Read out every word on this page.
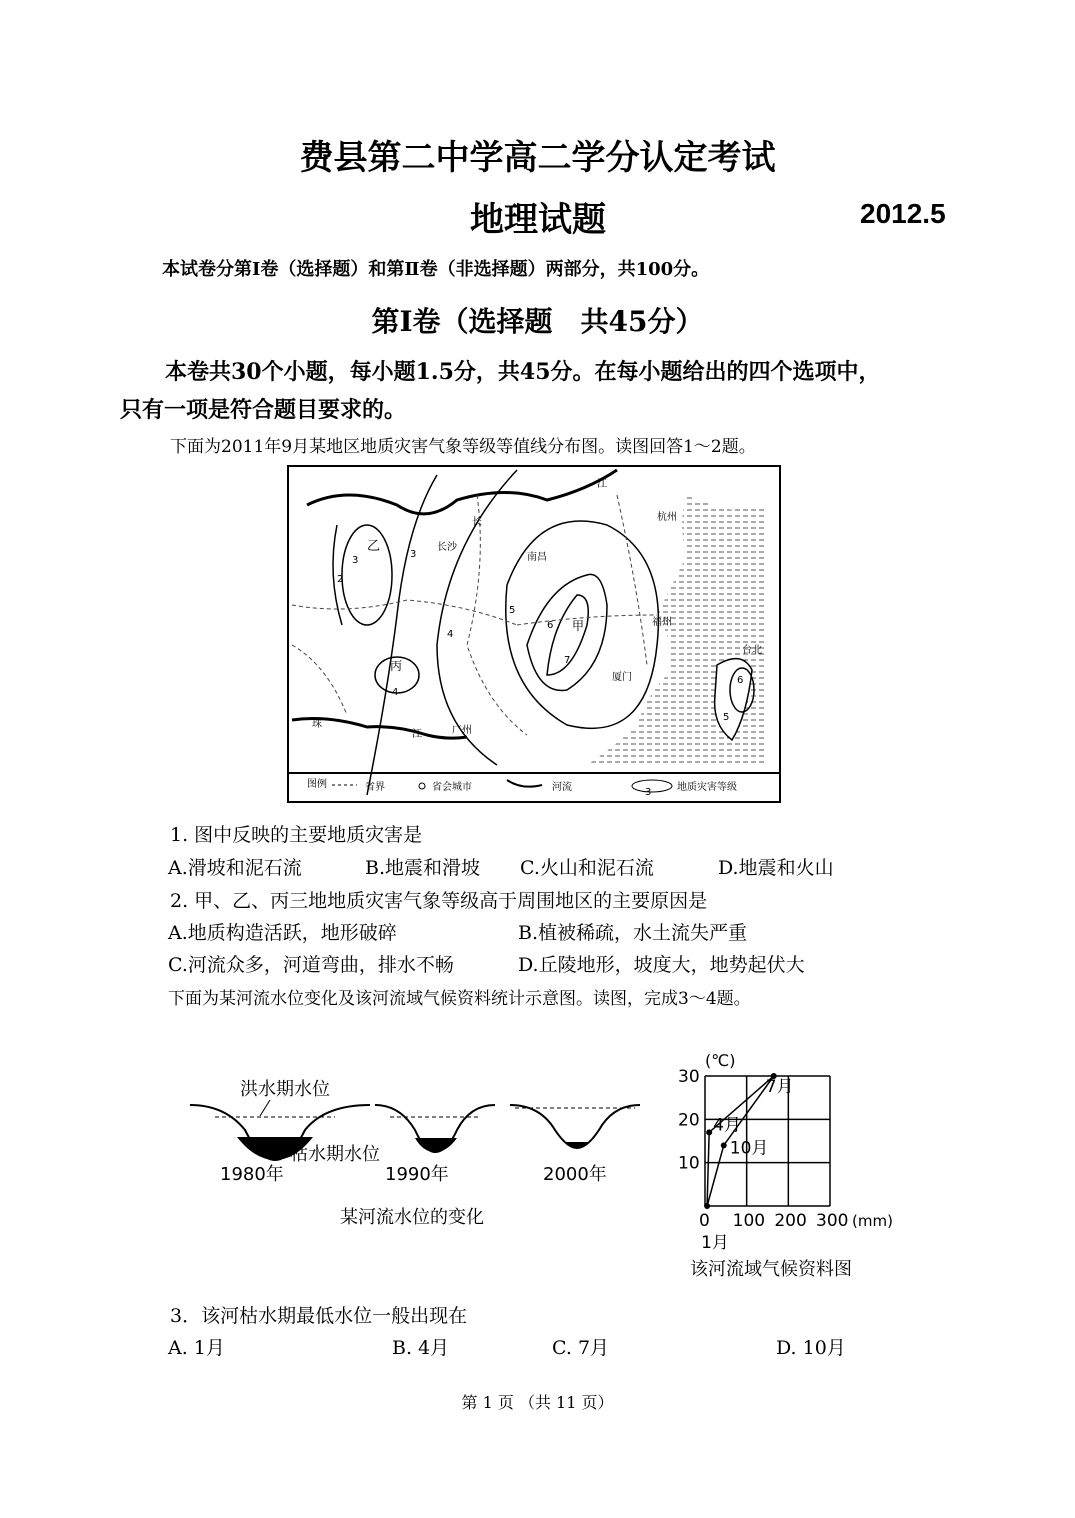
费县第二中学高二学分认定考试
地理试题	2012.5
本试卷分第Ⅰ卷（选择题）和第Ⅱ卷（非选择题）两部分，共100分。
第Ⅰ卷（选择题　共45分）
本卷共30个小题，每小题1.5分，共45分。在每小题给出的四个选项中，
只有一项是符合题目要求的。
下面为2011年9月某地区地质灾害气象等级等值线分布图。读图回答1～2题。
江
长	杭州
南昌
长沙
乙
甲	福州
台北
丙
厦门
珠
江	广州
2
3
3
4
4
5
6
7
6
5
图例	省界	省会城市	河流	3	地质灾害等级
1. 图中反映的主要地质灾害是
A.滑坡和泥石流	B.地震和滑坡 C.火山和泥石流	D.地震和火山
2. 甲、乙、丙三地地质灾害气象等级高于周围地区的主要原因是
A.地质构造活跃，地形破碎	B.植被稀疏，水土流失严重
C.河流众多，河道弯曲，排水不畅	D.丘陵地形，坡度大，地势起伏大
下面为某河流水位变化及该河流域气候资料统计示意图。读图，完成3～4题。
洪水期水位
枯水期水位
1980年	1990年	2000年
某河流水位的变化
(℃)
10
20
30
0 100 200 300 (mm)
1月
4月
7月
10月
该河流域气候资料图
3．该河枯水期最低水位一般出现在
A. 1月	B. 4月	C. 7月	D. 10月
第 1 页 （共 11 页）
